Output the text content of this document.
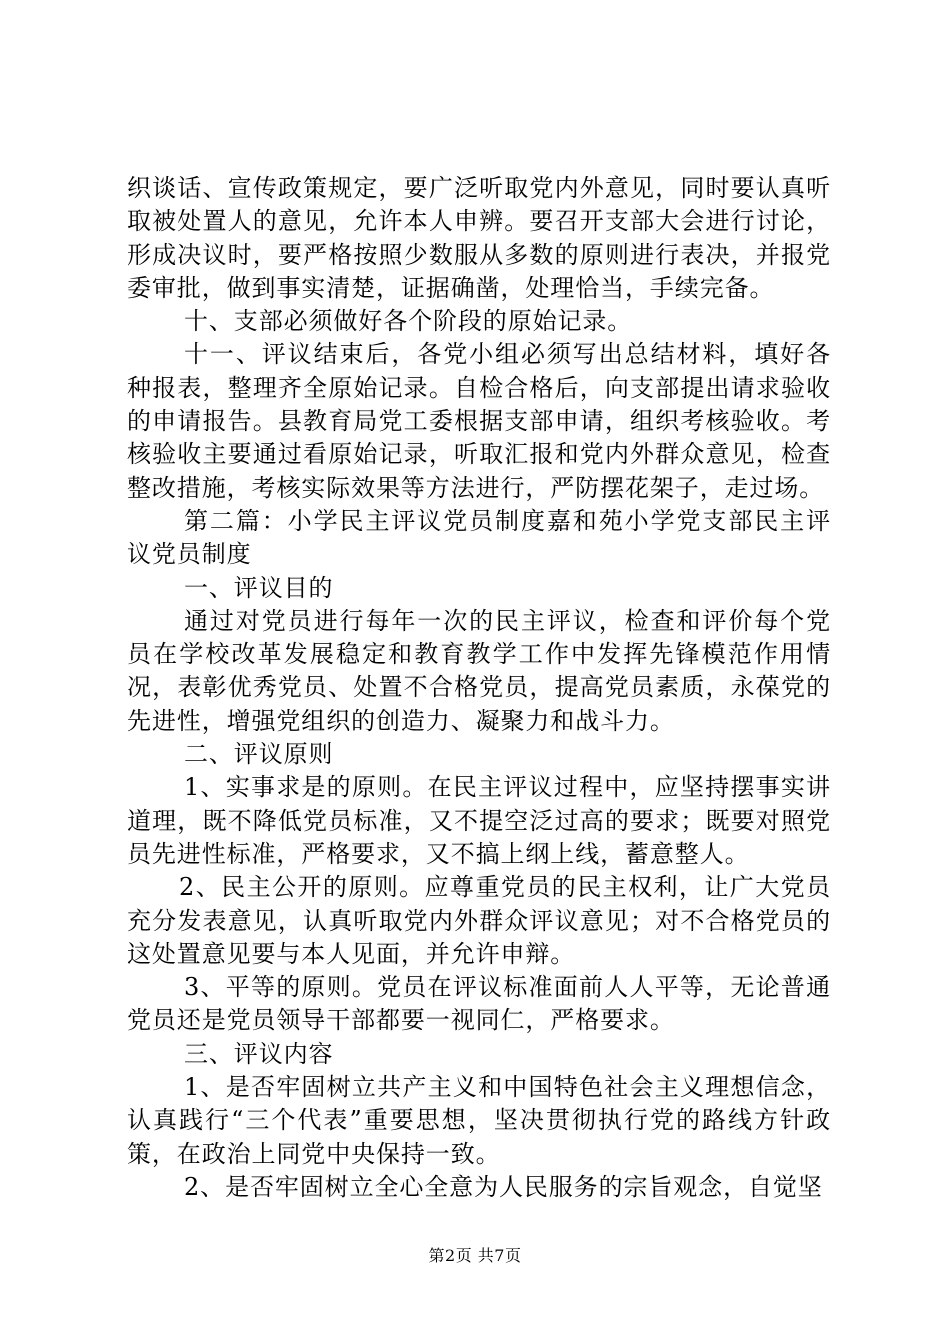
织谈话、宣传政策规定，要广泛听取党内外意见，同时要认真听取被处置人的意见，允许本人申辨。要召开支部大会进行讨论，形成决议时，要严格按照少数服从多数的原则进行表决，并报党委审批，做到事实清楚，证据确凿，处理恰当，手续完备。

十、支部必须做好各个阶段的原始记录。

十一、评议结束后，各党小组必须写出总结材料，填好各种报表，整理齐全原始记录。自检合格后，向支部提出请求验收的申请报告。县教育局党工委根据支部申请，组织考核验收。考核验收主要通过看原始记录，听取汇报和党内外群众意见，检查整改措施，考核实际效果等方法进行，严防摆花架子，走过场。

第二篇：小学民主评议党员制度嘉和苑小学党支部民主评议党员制度

一、评议目的

通过对党员进行每年一次的民主评议，检查和评价每个党员在学校改革发展稳定和教育教学工作中发挥先锋模范作用情况，表彰优秀党员、处置不合格党员，提高党员素质，永葆党的先进性，增强党组织的创造力、凝聚力和战斗力。

二、评议原则

1、实事求是的原则。在民主评议过程中，应坚持摆事实讲道理，既不降低党员标准，又不提空泛过高的要求；既要对照党员先进性标准，严格要求，又不搞上纲上线，蓄意整人。

2、民主公开的原则。应尊重党员的民主权利，让广大党员充分发表意见，认真听取党内外群众评议意见；对不合格党员的这处置意见要与本人见面，并允许申辩。

3、平等的原则。党员在评议标准面前人人平等，无论普通党员还是党员领导干部都要一视同仁，严格要求。

三、评议内容

1、是否牢固树立共产主义和中国特色社会主义理想信念，认真践行“三个代表”重要思想，坚决贯彻执行党的路线方针政策，在政治上同党中央保持一致。

2、是否牢固树立全心全意为人民服务的宗旨观念，自觉坚

第2页 共7页
